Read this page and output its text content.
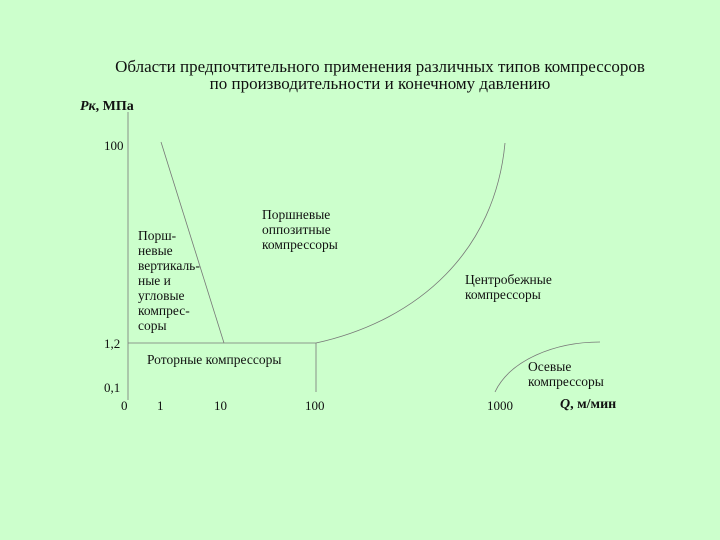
Области предпочтительного применения различных типов компрессоров
по производительности и конечному давлению
Pк, МПа
100
1,2
0,1
0 1	10	100	1000	Q, м/мин
Порш-
невые
вертикаль-
ные и
угловые
компрес-
соры
Поршневые
оппозитные
компрессоры
Центробежные
компрессоры
Роторные компрессоры	Осевые
компрессоры
